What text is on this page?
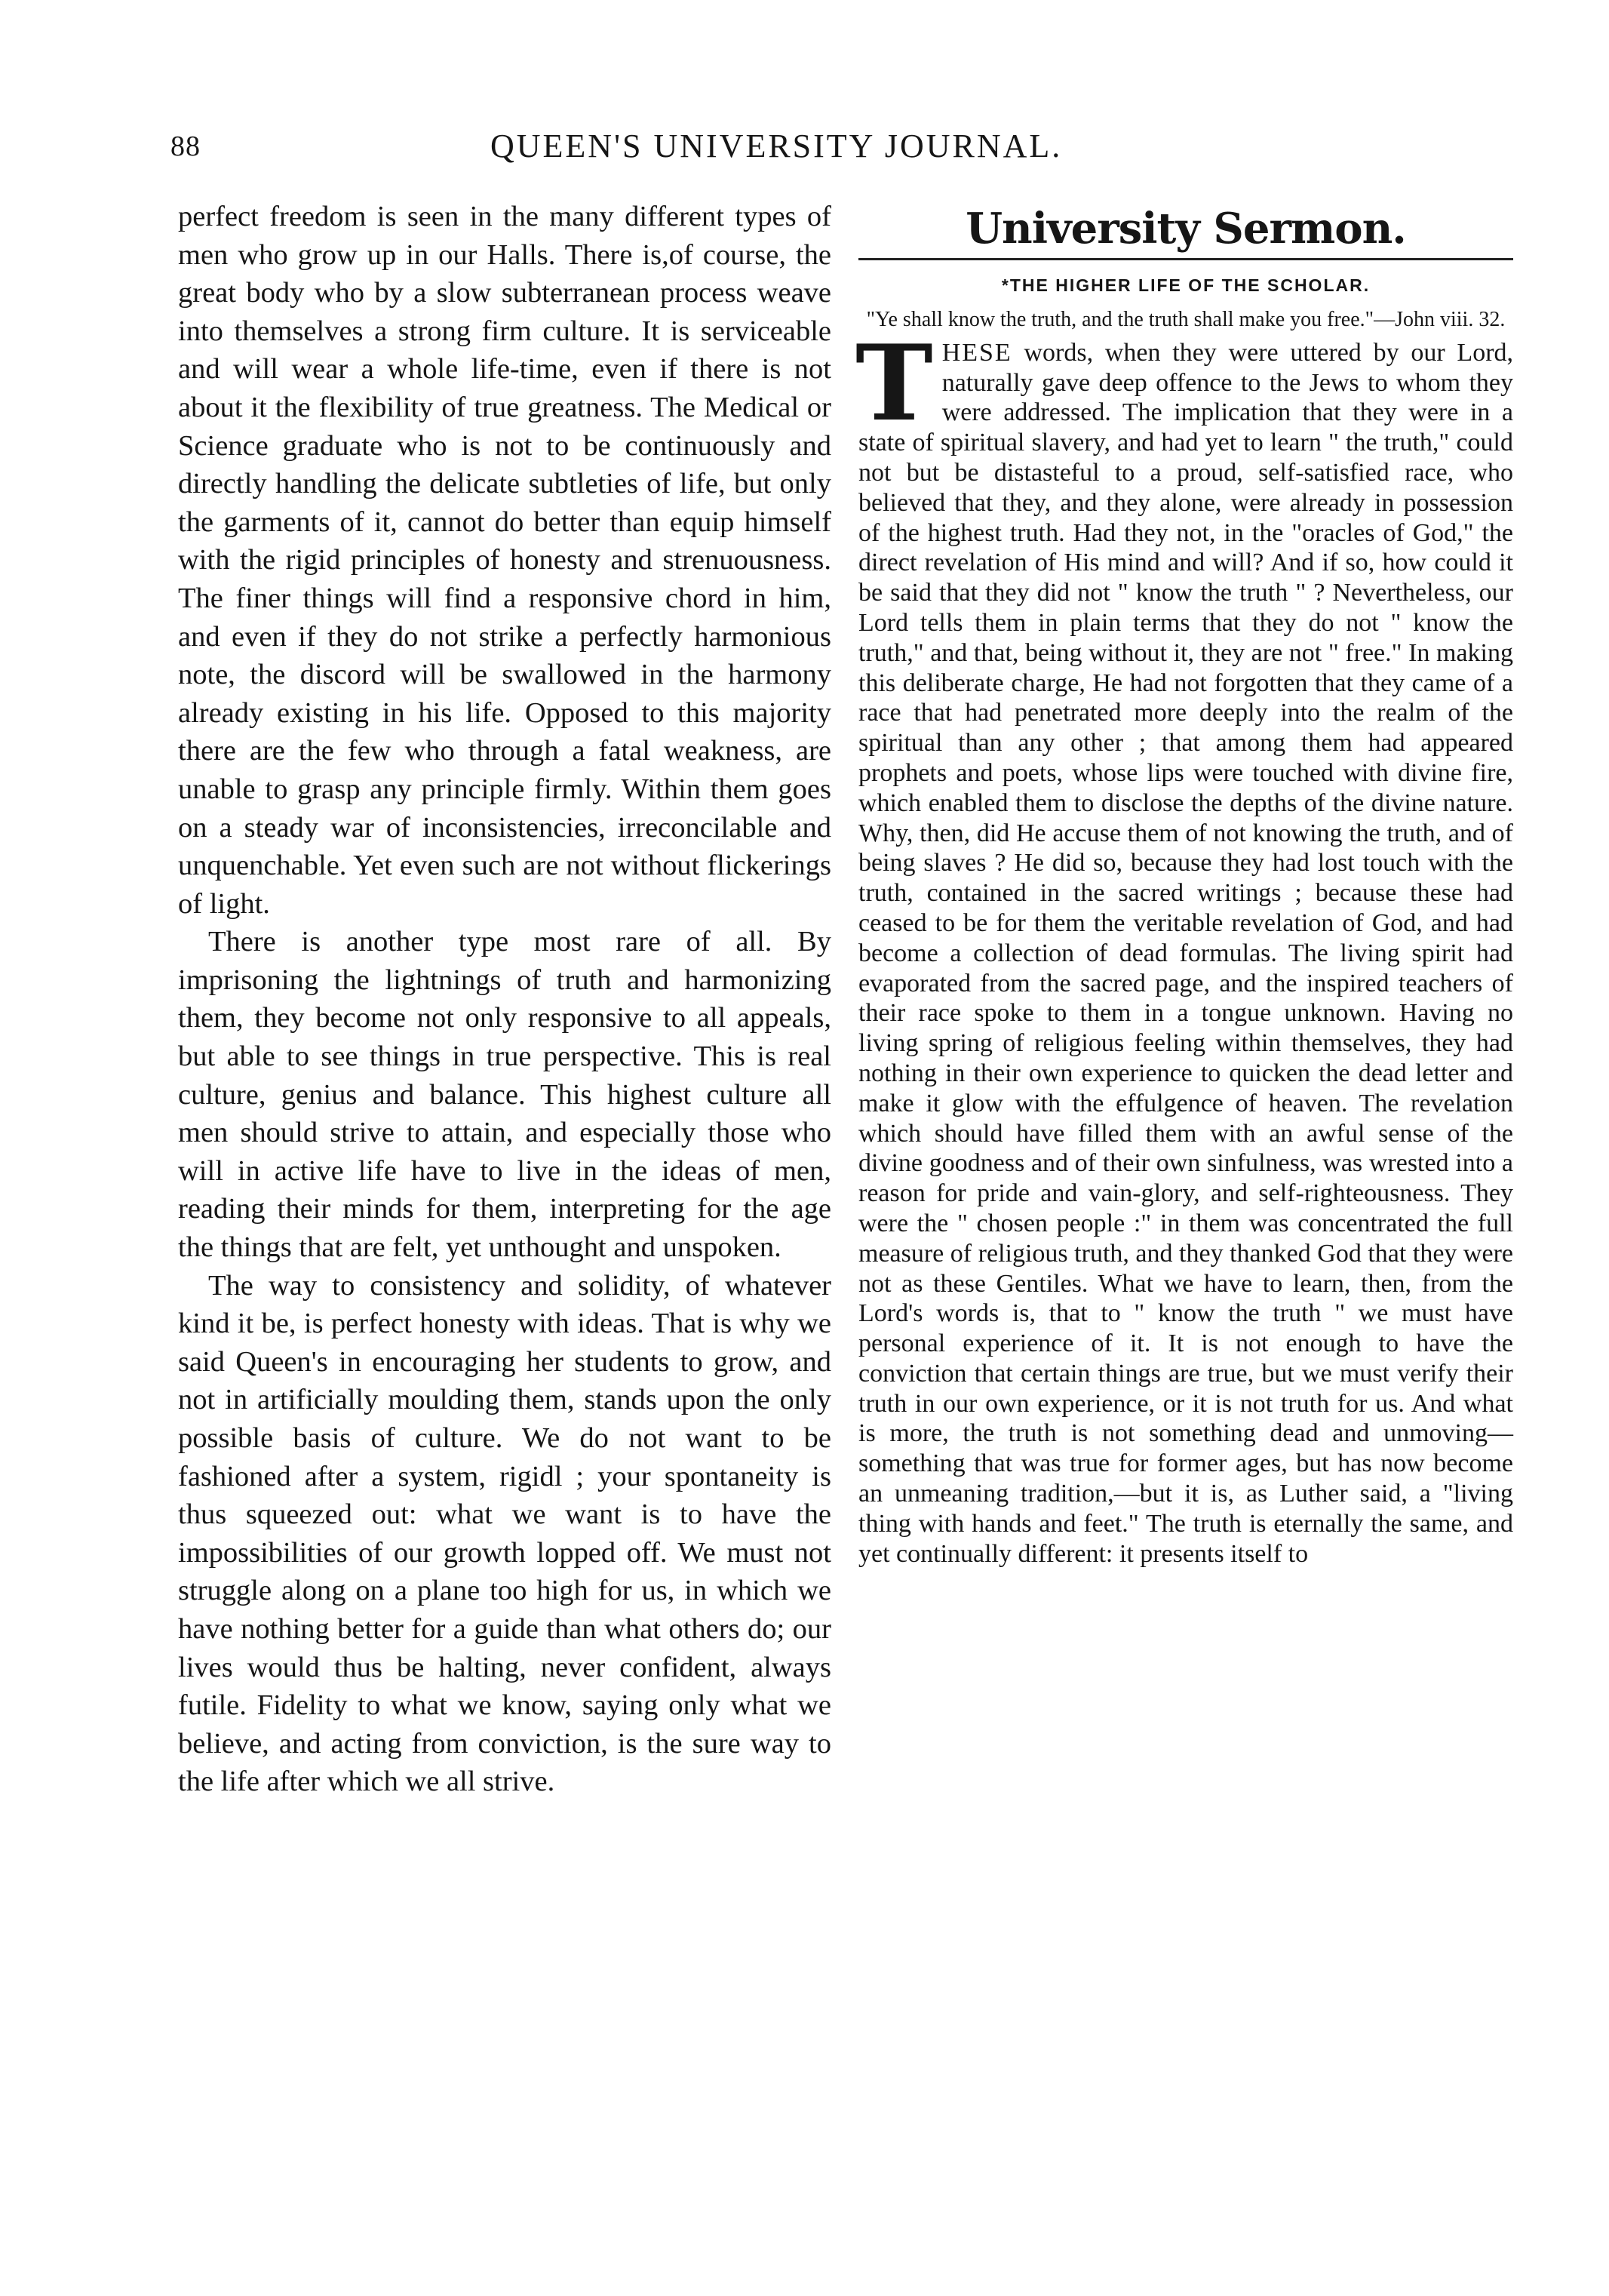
88	QUEEN'S UNIVERSITY JOURNAL.

perfect freedom is seen in the many different types of men who grow up in our Halls. There is,of course, the great body who by a slow subterranean process weave into themselves a strong firm culture. It is serviceable and will wear a whole life-time, even if there is not about it the flexibility of true greatness. The Medical or Science graduate who is not to be continuously and directly handling the delicate subtleties of life, but only the garments of it, cannot do better than equip himself with the rigid principles of honesty and strenuousness. The finer things will find a responsive chord in him, and even if they do not strike a perfectly harmonious note, the discord will be swallowed in the harmony already existing in his life. Opposed to this majority there are the few who through a fatal weakness, are unable to grasp any principle firmly. Within them goes on a steady war of inconsistencies, irreconcilable and unquenchable. Yet even such are not without flickerings of light.

There is another type most rare of all. By imprisoning the lightnings of truth and harmonizing them, they become not only responsive to all appeals, but able to see things in true perspective. This is real culture, genius and balance. This highest culture all men should strive to attain, and especially those who will in active life have to live in the ideas of men, reading their minds for them, interpreting for the age the things that are felt, yet unthought and unspoken.

The way to consistency and solidity, of whatever kind it be, is perfect honesty with ideas. That is why we said Queen's in encouraging her students to grow, and not in artificially moulding them, stands upon the only possible basis of culture. We do not want to be fashioned after a system, rigidl ; your spontaneity is thus squeezed out: what we want is to have the impossibilities of our growth lopped off. We must not struggle along on a plane too high for us, in which we have nothing better for a guide than what others do; our lives would thus be halting, never confident, always futile. Fidelity to what we know, saying only what we believe, and acting from conviction, is the sure way to the life after which we all strive.

University Sermon.
*THE HIGHER LIFE OF THE SCHOLAR.
"Ye shall know the truth, and the truth shall make you free."—John viii. 32.

THESE words, when they were uttered by our Lord, naturally gave deep offence to the Jews to whom they were addressed. The implication that they were in a state of spiritual slavery, and had yet to learn " the truth," could not but be distasteful to a proud, self-satisfied race, who believed that they, and they alone, were already in possession of the highest truth. Had they not, in the "oracles of God," the direct revelation of His mind and will? And if so, how could it be said that they did not " know the truth " ? Nevertheless, our Lord tells them in plain terms that they do not " know the truth," and that, being without it, they are not " free." In making this deliberate charge, He had not forgotten that they came of a race that had penetrated more deeply into the realm of the spiritual than any other ; that among them had appeared prophets and poets, whose lips were touched with divine fire, which enabled them to disclose the depths of the divine nature. Why, then, did He accuse them of not knowing the truth, and of being slaves ? He did so, because they had lost touch with the truth, contained in the sacred writings ; because these had ceased to be for them the veritable revelation of God, and had become a collection of dead formulas. The living spirit had evaporated from the sacred page, and the inspired teachers of their race spoke to them in a tongue unknown. Having no living spring of religious feeling within themselves, they had nothing in their own experience to quicken the dead letter and make it glow with the effulgence of heaven. The revelation which should have filled them with an awful sense of the divine goodness and of their own sinfulness, was wrested into a reason for pride and vain-glory, and self-righteousness. They were the " chosen people :" in them was concentrated the full measure of religious truth, and they thanked God that they were not as these Gentiles. What we have to learn, then, from the Lord's words is, that to " know the truth " we must have personal experience of it. It is not enough to have the conviction that certain things are true, but we must verify their truth in our own experience, or it is not truth for us. And what is more, the truth is not something dead and unmoving—something that was true for former ages, but has now become an unmeaning tradition,—but it is, as Luther said, a "living thing with hands and feet." The truth is eternally the same, and yet continually different: it presents itself to
